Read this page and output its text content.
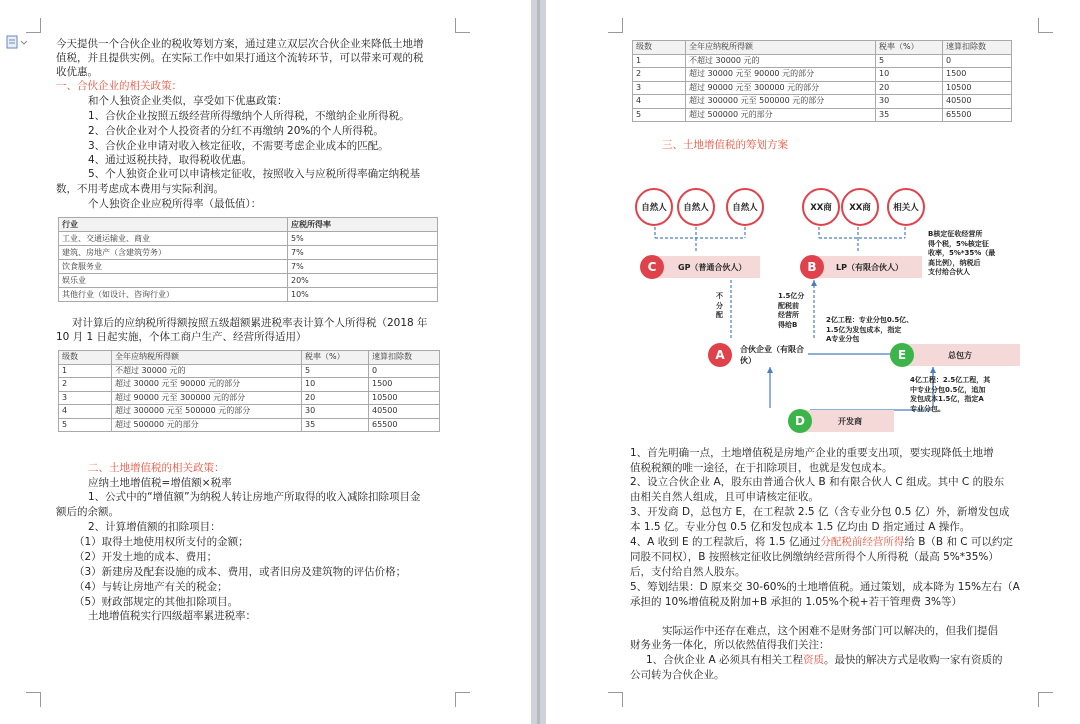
今天提供一个合伙企业的税收筹划方案，通过建立双层次合伙企业来降低土地增
值税，并且提供实例。在实际工作中如果打通这个流转环节，可以带来可观的税
收优惠。
一、合伙企业的相关政策：
和个人独资企业类似，享受如下优惠政策：
1、合伙企业按照五级经营所得缴纳个人所得税，不缴纳企业所得税。
2、合伙企业对个人投资者的分红不再缴纳 20%的个人所得税。
3、合伙企业申请对收入核定征收，不需要考虑企业成本的匹配。
4、通过返税扶持，取得税收优惠。
5、个人独资企业可以申请核定征收，按照收入与应税所得率确定纳税基
数，不用考虑成本费用与实际利润。
个人独资企业应税所得率（最低值）：
行业	应税所得率
工业、交通运输业、商业	5%
建筑、房地产（含建筑劳务）	7%
饮食服务业	7%
娱乐业	20%
其他行业（如设计、咨询行业）	10%
对计算后的应纳税所得额按照五级超额累进税率表计算个人所得税（2018 年
10 月 1 日起实施，个体工商户生产、经营所得适用）
级数	全年应纳税所得额	税率（%）	速算扣除数
1	不超过 30000 元的	5	0
2	超过 30000 元至 90000 元的部分	10	1500
3	超过 90000 元至 300000 元的部分	20	10500
4	超过 300000 元至 500000 元的部分	30	40500
5	超过 500000 元的部分	35	65500
二、土地增值税的相关政策：
应纳土地增值税=增值额×税率
1、公式中的“增值额”为纳税人转让房地产所取得的收入减除扣除项目金
额后的余额。
2、计算增值额的扣除项目：
（1）取得土地使用权所支付的金额；
（2）开发土地的成本、费用；
（3）新建房及配套设施的成本、费用，或者旧房及建筑物的评估价格；
（4）与转让房地产有关的税金；
（5）财政部规定的其他扣除项目。
土地增值税实行四级超率累进税率：
级数	全年应纳税所得额	税率（%）	速算扣除数
1	不超过 30000 元的	5	0
2	超过 30000 元至 90000 元的部分	10	1500
3	超过 90000 元至 300000 元的部分	20	10500
4	超过 300000 元至 500000 元的部分	30	40500
5	超过 500000 元的部分	35	65500
三、土地增值税的筹划方案
自然人	自然人	自然人	XX商	XX商	相关人
GP（普通合伙人）
C	LP（有限合伙人）
B
合伙企业（有限合伙）
A	总包方
E
开发商
D
B核定征收经营所
得个税，5%核定征
收率，5%*35%（最
高比例），纳税后
支付给合伙人
不
分
配
1.5亿分
配税前
经营所
得给B
2亿工程：专业分包0.5亿、
1.5亿为发包成本，指定
A专业分包
4亿工程：2.5亿工程，其
中专业分包0.5亿，追加
发包成本1.5亿，指定A
专业分包。
1、首先明确一点，土地增值税是房地产企业的重要支出项，要实现降低土地增
值税税额的唯一途径，在于扣除项目，也就是发包成本。
2、设立合伙企业 A，股东由普通合伙人 B 和有限合伙人 C 组成。其中 C 的股东
由相关自然人组成，且可申请核定征收。
3、开发商 D，总包方 E，在工程款 2.5 亿（含专业分包 0.5 亿）外，新增发包成
本 1.5 亿。专业分包 0.5 亿和发包成本 1.5 亿均由 D 指定通过 A 操作。
4、A 收到 E 的工程款后，将 1.5 亿通过分配税前经营所得给 B（B 和 C 可以约定
同股不同权），B 按照核定征收比例缴纳经营所得个人所得税（最高 5%*35%）
后，支付给自然人股东。
5、筹划结果：D 原来交 30-60%的土地增值税。通过策划，成本降为 15%左右（A
承担的 10%增值税及附加+B 承担的 1.05%个税+若干管理费 3%等）
实际运作中还存在难点，这个困难不是财务部门可以解决的，但我们提倡
财务业务一体化，所以依然值得我们关注：
1、合伙企业 A 必须具有相关工程资质。最快的解决方式是收购一家有资质的
公司转为合伙企业。
